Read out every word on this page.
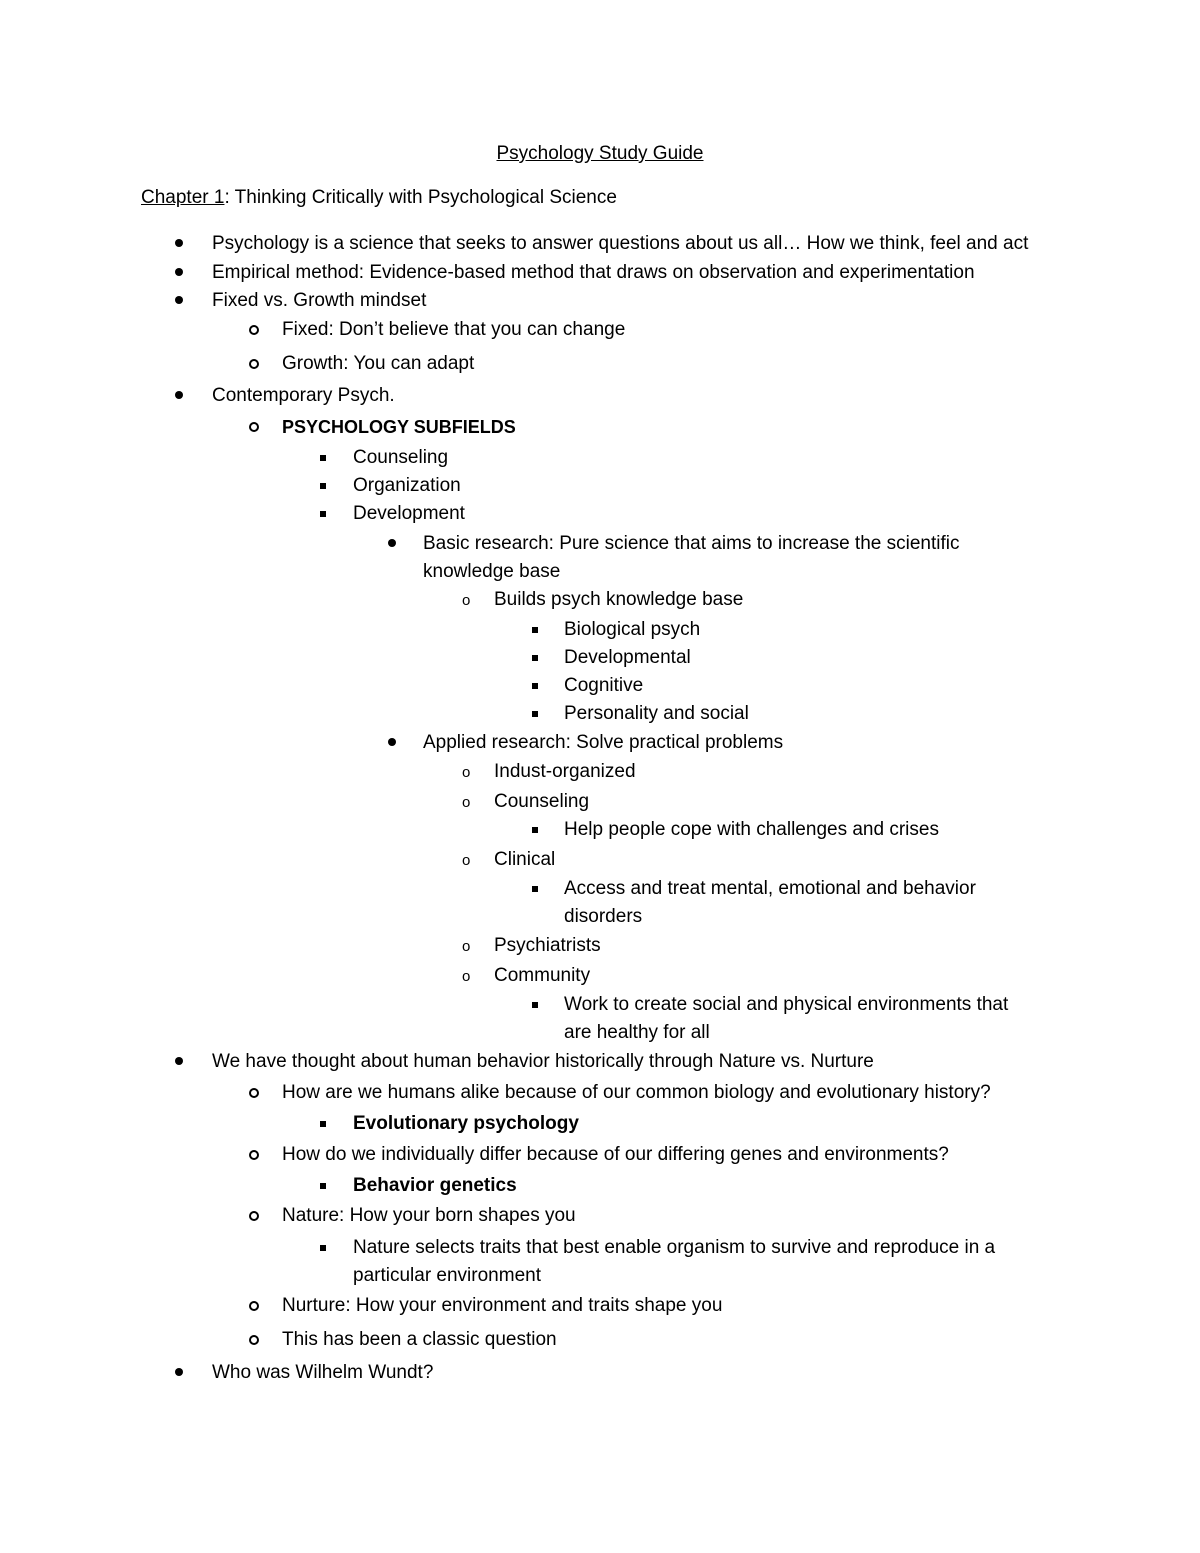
Psychology Study Guide
Chapter 1: Thinking Critically with Psychological Science
Psychology is a science that seeks to answer questions about us all… How we think, feel and act
Empirical method: Evidence-based method that draws on observation and experimentation
Fixed vs. Growth mindset
Fixed: Don’t believe that you can change
Growth: You can adapt
Contemporary Psych.
PSYCHOLOGY SUBFIELDS
Counseling
Organization
Development
Basic research: Pure science that aims to increase the scientific
knowledge base
o Builds psych knowledge base
Biological psych
Developmental
Cognitive
Personality and social
Applied research: Solve practical problems
o Indust-organized
o Counseling
Help people cope with challenges and crises
o Clinical
Access and treat mental, emotional and behavior
disorders
o Psychiatrists
o Community
Work to create social and physical environments that
are healthy for all
We have thought about human behavior historically through Nature vs. Nurture
How are we humans alike because of our common biology and evolutionary history?
Evolutionary psychology
How do we individually differ because of our differing genes and environments?
Behavior genetics
Nature: How your born shapes you
Nature selects traits that best enable organism to survive and reproduce in a
particular environment
Nurture: How your environment and traits shape you
This has been a classic question
Who was Wilhelm Wundt?
